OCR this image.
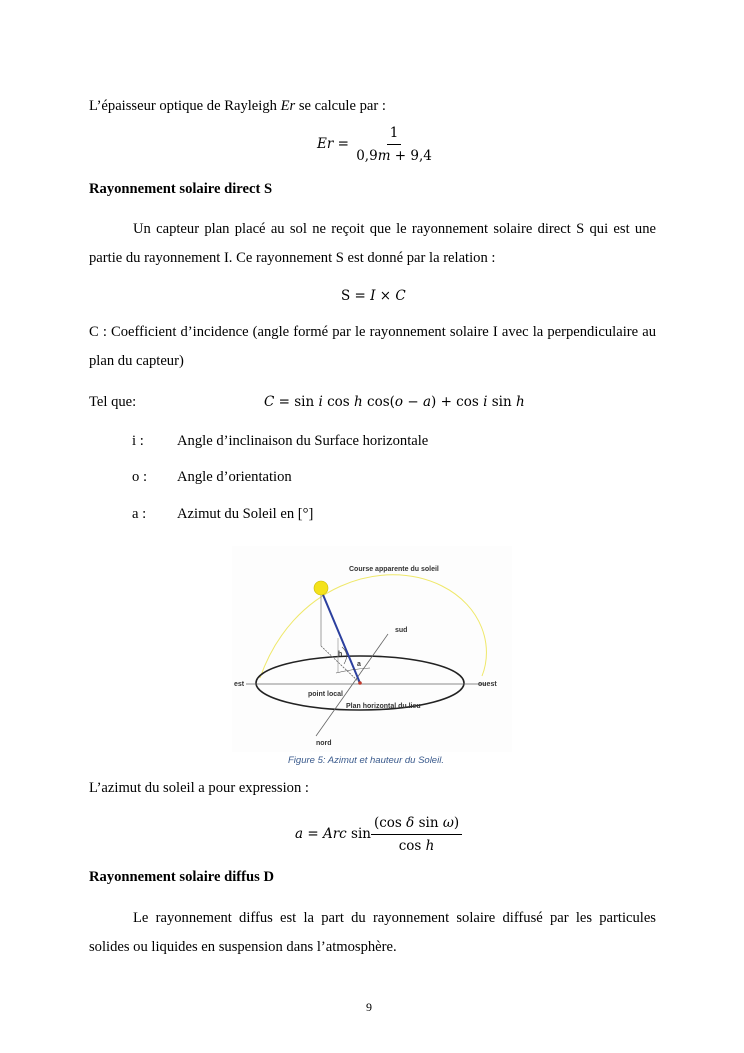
L’épaisseur optique de Rayleigh Er se calcule par :
$Er = \frac{1}{0,9m + 9,4}$
Rayonnement solaire direct S
Un capteur plan placé au sol ne reçoit que le rayonnement solaire direct S qui est une partie du rayonnement I. Ce rayonnement S est donné par la relation :
S = I × C
C : Coefficient d’incidence (angle formé par le rayonnement solaire I avec la perpendiculaire au plan du capteur)
Tel que:	C = sin i cos h cos(o − a) + cos i sin h
i : Angle d’inclinaison du Surface horizontale
o : Angle d’orientation
a : Azimut du Soleil en [°]
Course apparente du soleil
sud
est	ouest
point local
Plan horizontal du lieu
nord
h
a
Figure 5: Azimut et hauteur du Soleil.
L’azimut du soleil a pour expression :
a = Arc $\sin \frac{\text{(cos δ sin ω)}}{\text{cos h}}$
Rayonnement solaire diffus D
Le rayonnement diffus est la part du rayonnement solaire diffusé par les particules solides ou liquides en suspension dans l’atmosphère.
9
